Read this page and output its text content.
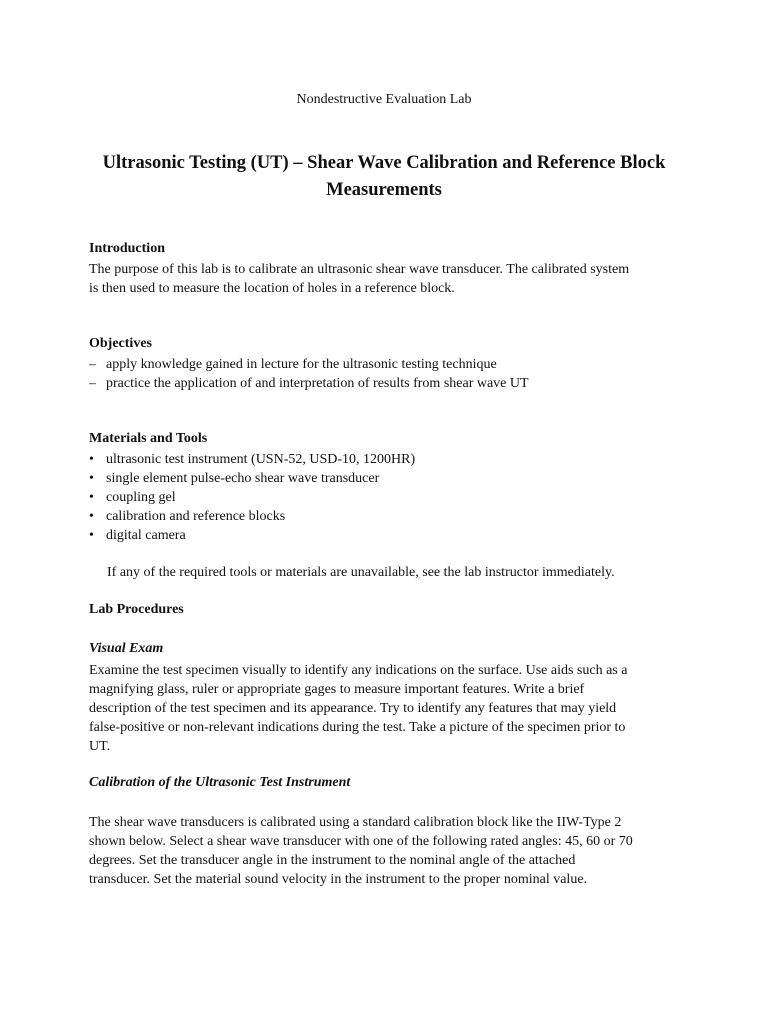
Nondestructive Evaluation Lab
Ultrasonic Testing (UT) – Shear Wave Calibration and Reference Block Measurements
Introduction
The purpose of this lab is to calibrate an ultrasonic shear wave transducer. The calibrated system
is then used to measure the location of holes in a reference block.
Objectives
– apply knowledge gained in lecture for the ultrasonic testing technique
– practice the application of and interpretation of results from shear wave UT
Materials and Tools
• ultrasonic test instrument (USN-52, USD-10, 1200HR)
• single element pulse-echo shear wave transducer
• coupling gel
• calibration and reference blocks
• digital camera
If any of the required tools or materials are unavailable, see the lab instructor immediately.
Lab Procedures
Visual Exam
Examine the test specimen visually to identify any indications on the surface. Use aids such as a
magnifying glass, ruler or appropriate gages to measure important features. Write a brief
description of the test specimen and its appearance. Try to identify any features that may yield
false-positive or non-relevant indications during the test. Take a picture of the specimen prior to
UT.
Calibration of the Ultrasonic Test Instrument
The shear wave transducers is calibrated using a standard calibration block like the IIW-Type 2
shown below. Select a shear wave transducer with one of the following rated angles: 45, 60 or 70
degrees. Set the transducer angle in the instrument to the nominal angle of the attached
transducer. Set the material sound velocity in the instrument to the proper nominal value.
